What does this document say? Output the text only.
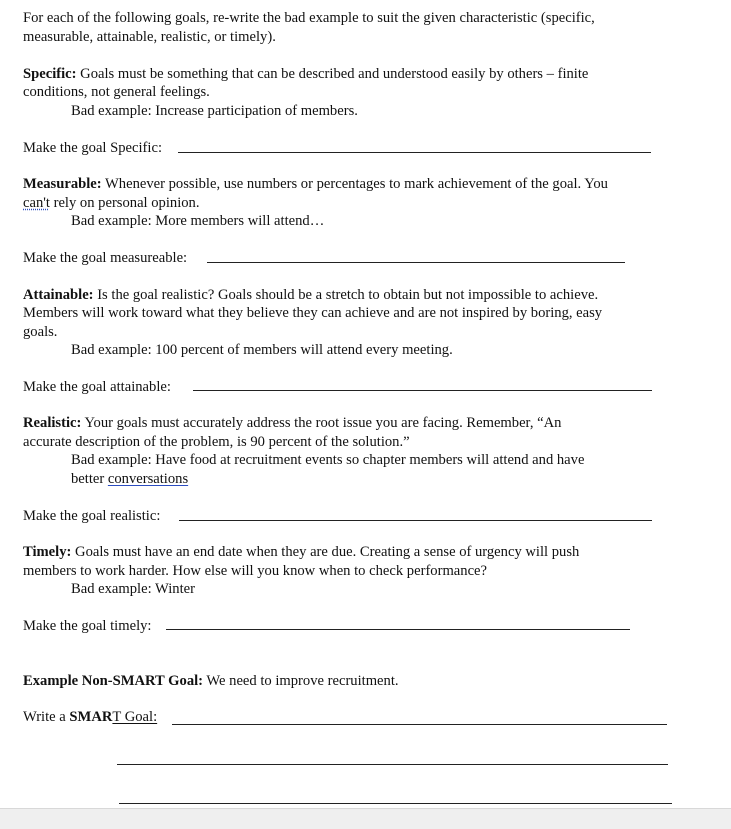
For each of the following goals, re-write the bad example to suit the given characteristic (specific,
measurable, attainable, realistic, or timely).
Specific: Goals must be something that can be described and understood easily by others – finite
conditions, not general feelings.
Bad example: Increase participation of members.
Make the goal Specific:
Measurable: Whenever possible, use numbers or percentages to mark achievement of the goal. You
can't rely on personal opinion.
Bad example: More members will attend…
Make the goal measureable:
Attainable: Is the goal realistic? Goals should be a stretch to obtain but not impossible to achieve.
Members will work toward what they believe they can achieve and are not inspired by boring, easy
goals.
Bad example: 100 percent of members will attend every meeting.
Make the goal attainable:
Realistic: Your goals must accurately address the root issue you are facing. Remember, “An
accurate description of the problem, is 90 percent of the solution.”
Bad example: Have food at recruitment events so chapter members will attend and have
better conversations
Make the goal realistic:
Timely: Goals must have an end date when they are due. Creating a sense of urgency will push
members to work harder. How else will you know when to check performance?
Bad example: Winter
Make the goal timely:
Example Non-SMART Goal: We need to improve recruitment.
Write a SMART Goal:
